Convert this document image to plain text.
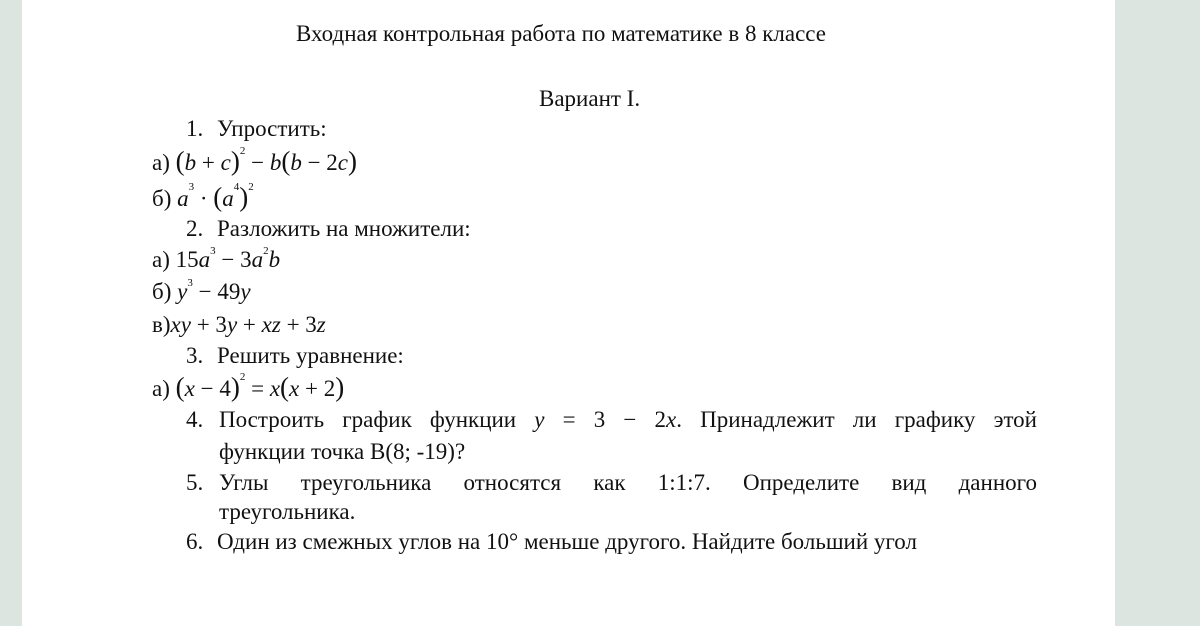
Входная контрольная работа по математике в 8 классе
Вариант I.
1. Упростить:
а) $(b + c)^2 - b(b - 2c)$
б) $a^3 \cdot (a^4)^2$
2. Разложить на множители:
а) $15a^3 - 3a^2b$
б) $y^3 - 49y$
в)xy + 3y + xz + 3z
3. Решить уравнение:
а) $(x - 4)^2 = x(x + 2)$
4. Построить график функции y = 3 − 2x. Принадлежит ли графику этой
функции точка B(8; -19)?
5. Углы треугольника относятся как 1:1:7. Определите вид данного
треугольника.
6. Один из смежных углов на 10° меньше другого. Найдите больший угол
